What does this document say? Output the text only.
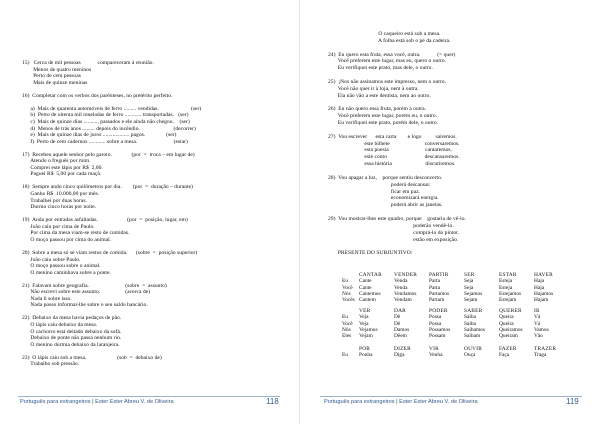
15)   Cerca de mil pessoas            compareceram à reunião.
Menos de quatro meninos
Perto de cem pessoas
Mais de quinze meninas
16)  Completar com os verbos dos parênteses, no pretérito perfeito.
a)  Mais de quarenta automóveis de ferro ......... vendidas.                       (ser)
b)  Perto de oitenta mil toneladas de ferro ............ transportadas.   (ser)
c)  Mais de quinze dias ........... passados e ele ainda não chegou.    (ser)
d)  Menos de trás anos ......... depois do incêndio.                        (decorrer)
e)  Mais de quinze dias de juros ................... pagos.               (ser)
f)  Perto de cem cadernos ............ sobre a mesa.                          (estar)
17)  Recebeu aquele senhor pelo garoto.              (por  =  troca – em lugar de)
Atendo o freguês por mim.
Comprei este lápis por R$  2,00.
Paguei R$  5,00 por cada maçã.
18)  Sempre ando cinco quilômetros por dia.        (por  =  duração – durante)
Ganho R$  10.000,00 por mês.
Trabalhei por duas horas.
Durmo cinco horas por noite.
19)  Anda por entradas asfaltadas.                     (por  =  posição, lugar, em)
João caiu por cima de Paulo.
Por cima da mesa viam-se resto de comidas.
O moço passou por cima do animal.
20)  Sobre a mesa só se viam restos de comida.      (sobre  =  posição superior)
João caiu sobre Paulo.
O moço passou sobre o animal.
O menino caminhava sobre a ponte.
21)  Falavam sobre geografia.                          (sobre  =  assunto)
Não escrevi sobre este assunto.                  (acerca de)
Nada li sobre isso.
Nada posso informar-lhe sobre o seu saldo bancário.
22)  Debaixo da mesa havia pedaços de pão.
O lápis caiu debaixo da mesa.
O cachorro está deitado debaixo da sofá.
Debaixo de ponte não passa nenhum rio.
O menino dormia debaixo da laranjeira.
23)  O lápis caiu sob a mesa.                      (sob  =  debaixo de)
Trabalho sob pressão.
Português para estrangeiros | Ester Ester Abreu V. de Oliveira	118
O caqueiro está sob a mesa.
A folha está sob o pé da cadeira.
24)  Eu quero esta fruta, essa você, outra.            (= quer)
Você preferem este lugar, mas eu, quero o outro.
Eu verifiquei este prato, mas dele, o outro.
25)  ¡Nos não assinamos este impresso, nem o outro.
Você não quer ir à loja, nem à outra.
Ela não vão a este dentista, nem ao outro.
26)  Eu não quero essa fruta, porém a outra.
Você preferem este lugar, porém eu, o outro.
Eu verifiquei este prato, porém dele, o outro.
27)  Vou escrever      esta carta        e logo          sairemos.
este bilhete                         conversaremos.
esta poesia                          cantaremos.
este conto                           descansaremos.
essa história                        discutiremos.
28)  Vou apagar a luz,    porque sentiu desconcerto.
poderá descansar.
ficar em paz.
economizará energia.
poderá abrir as janelas.
29)  Vou mostrar-lhes este quadro, porque    gostaria de vê-lo.
poderão vendê-lo.
comprá-lo do pintor.
estão em exposição.
PRESENTE DO SUBJUNTIVO:
	CANTAR	VENDER	PARTIR	SER	ESTAR	HAVER
Eu	Cante	Venda	Parta	Seja	Esteja	Haja
Você	Cante	Venda	Parta	Seja	Esteja	Haja
Nós	Cantemos	Vendamos	Partamos	Sejamos	Estejamos	Hajamos
Vocês	Cantem	Vendam	Partam	Sejam	Estejam	Hajam
	VER	DAR	PODER	SABER	QUERER	IR
Eu	Veja	Dê	Possa	Saiba	Queira	Vá
Você	Veja	Dê	Possa	Saiba	Queira	Vá
Nós	Vejamos	Damos	Possamos	Saibamos	Queiramos	Vamos
Eles	Vejam	Dêem	Possam	Saibam	Queiram	Vão
	POR	DIZER	VIR	OUVIR	FAZER	TRAZER
Eu	Ponha	Diga	Venha	Ouça	Faça	Traga
Português para estrangeiros | Ester Ester Abreu V. de Oliveira	119
